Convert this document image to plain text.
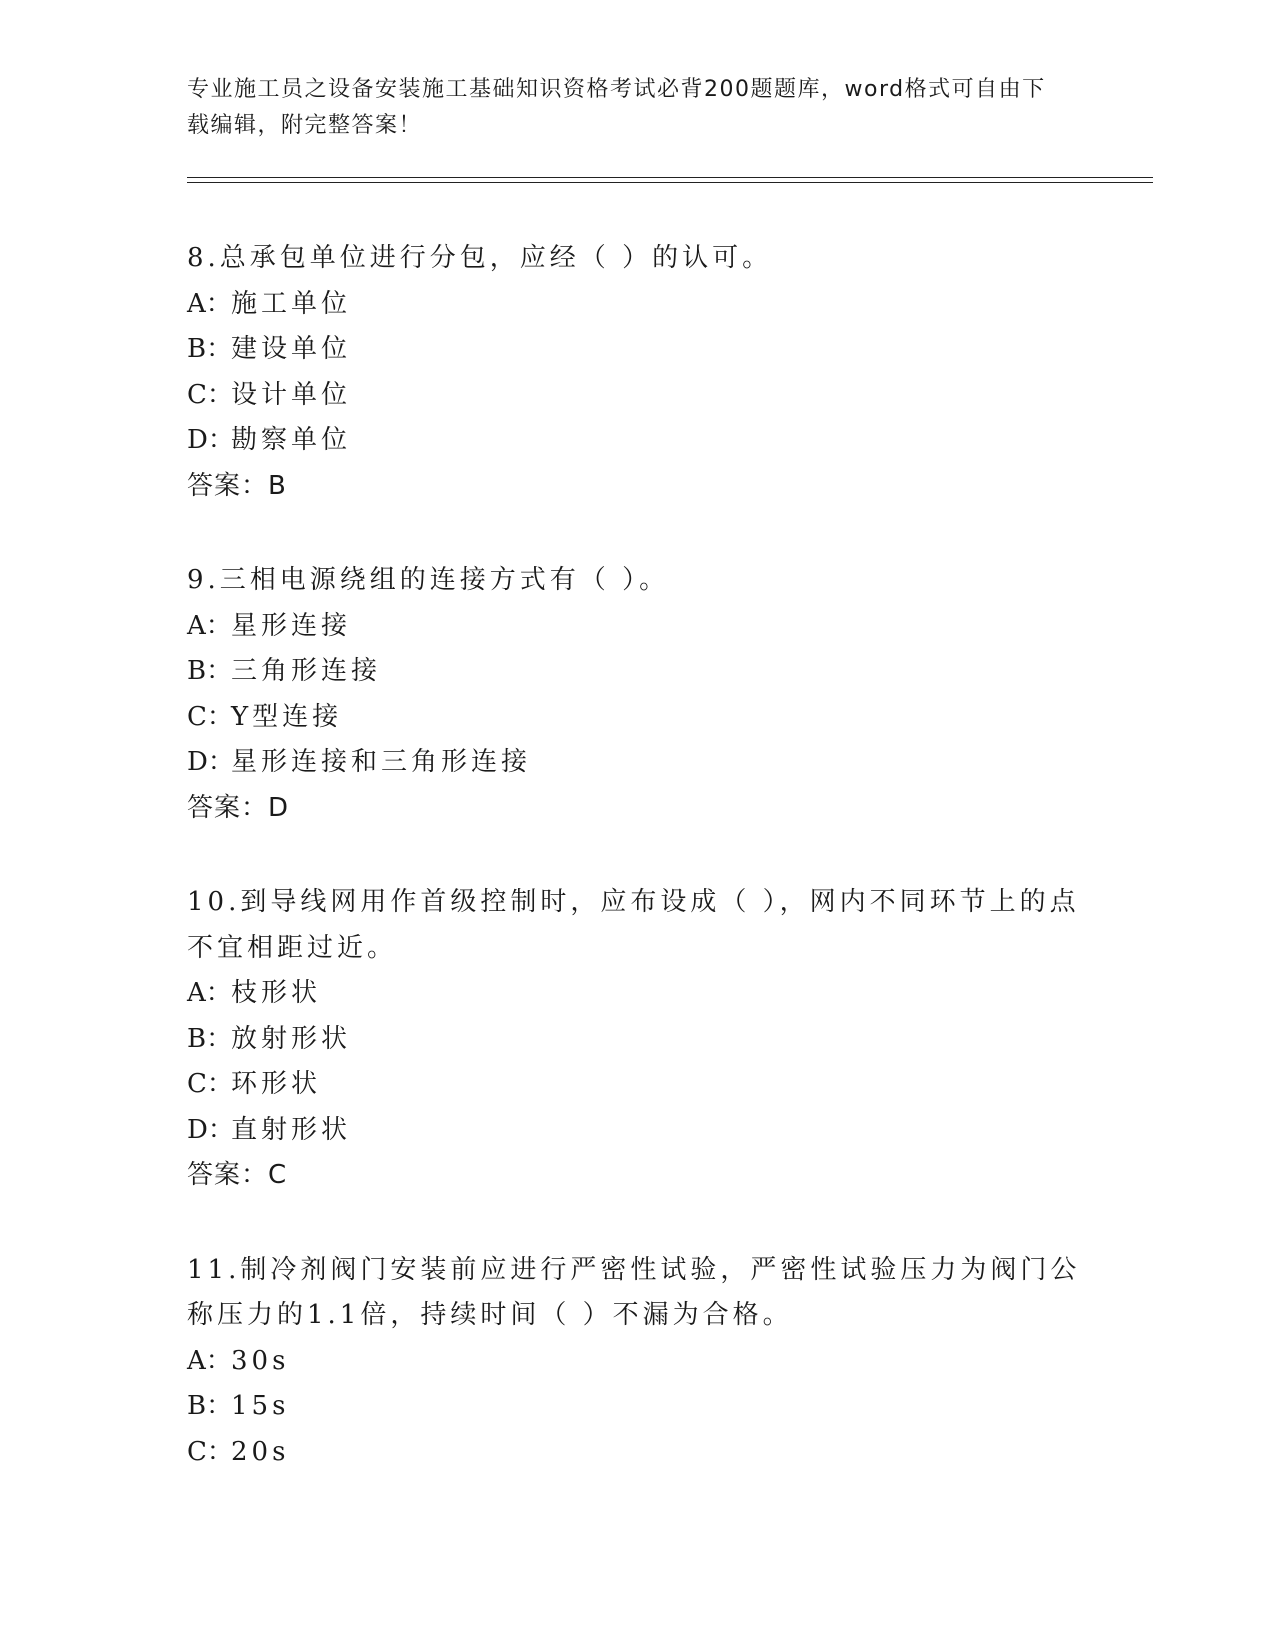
专业施工员之设备安装施工基础知识资格考试必背200题题库，word格式可自由下载编辑，附完整答案！
8.总承包单位进行分包，应经（ ）的认可。
A：施工单位
B：建设单位
C：设计单位
D：勘察单位
答案：B
9.三相电源绕组的连接方式有（ ）。
A：星形连接
B：三角形连接
C：Y型连接
D：星形连接和三角形连接
答案：D
10.到导线网用作首级控制时，应布设成（ ），网内不同环节上的点不宜相距过近。
A：枝形状
B：放射形状
C：环形状
D：直射形状
答案：C
11.制冷剂阀门安装前应进行严密性试验，严密性试验压力为阀门公称压力的1.1倍，持续时间（ ）不漏为合格。
A：30s
B：15s
C：20s
